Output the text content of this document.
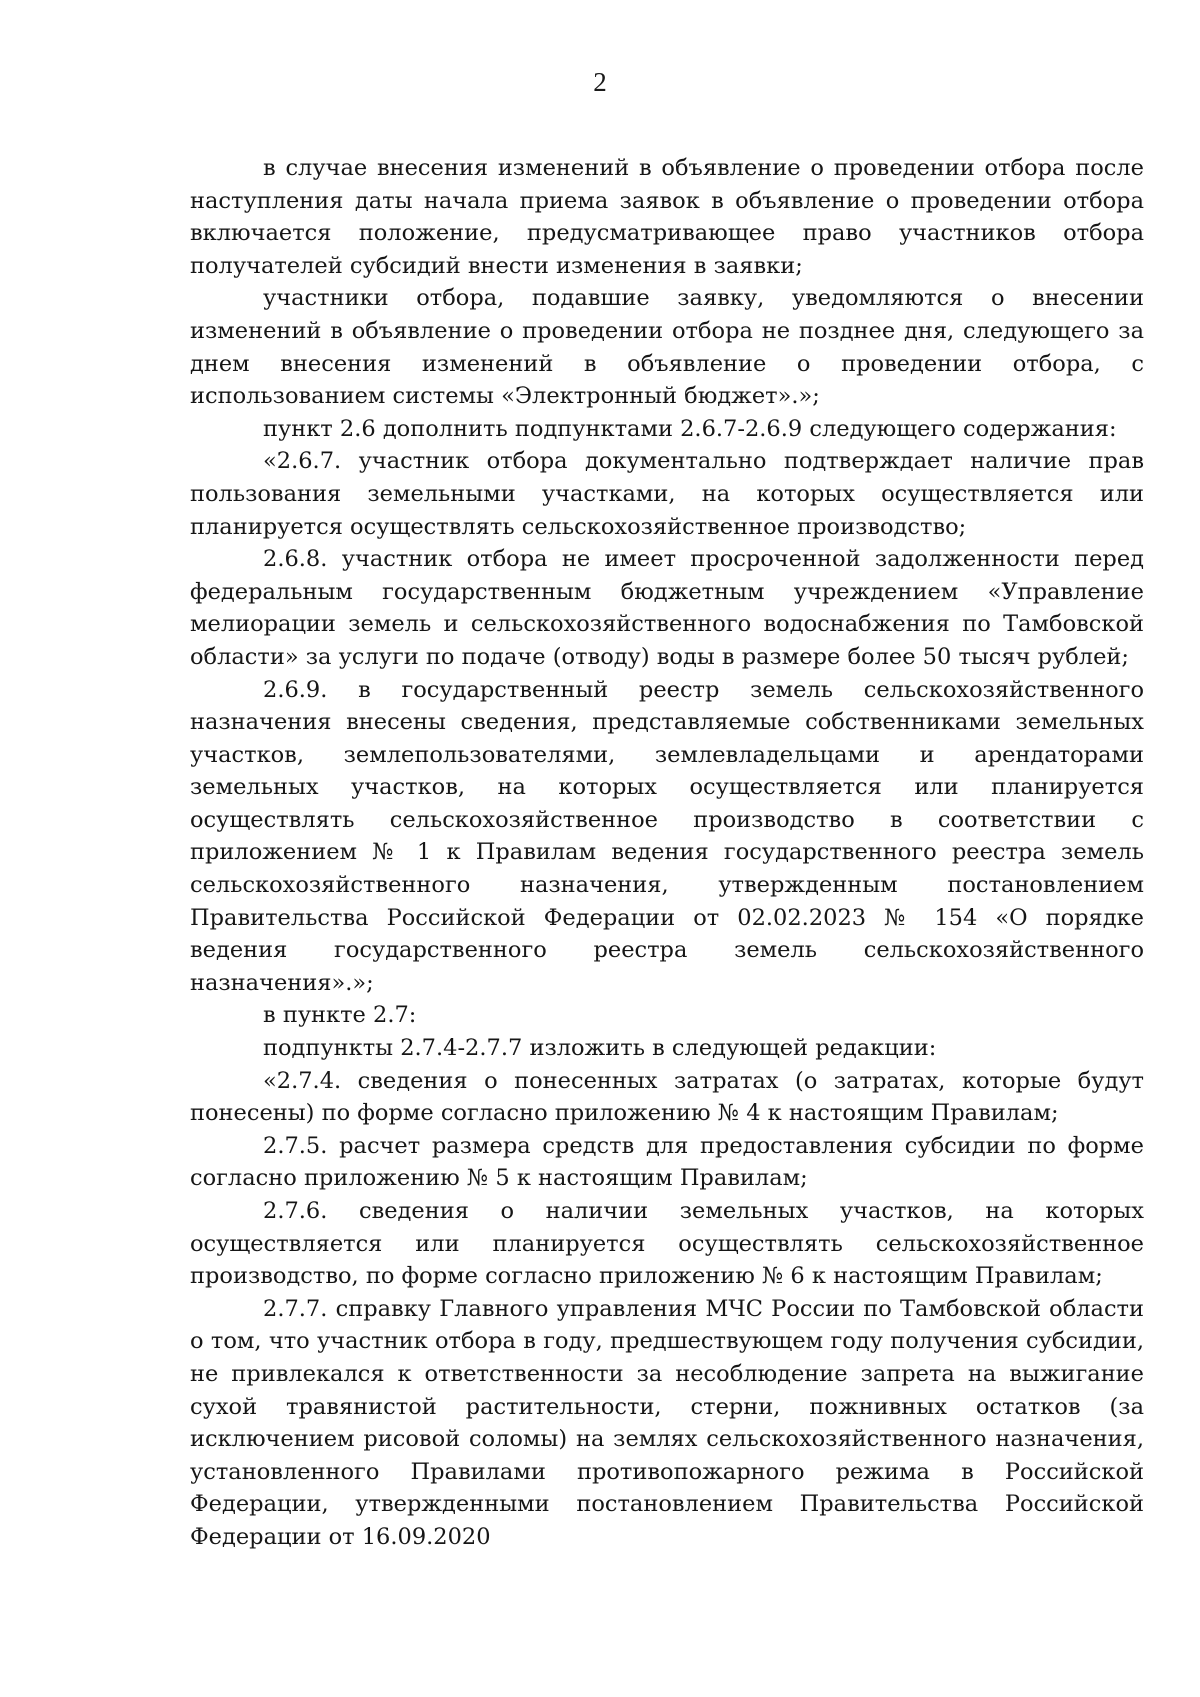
2

в случае внесения изменений в объявление о проведении отбора после наступления даты начала приема заявок в объявление о проведении отбора включается положение, предусматривающее право участников отбора получателей субсидий внести изменения в заявки;

участники отбора, подавшие заявку, уведомляются о внесении изменений в объявление о проведении отбора не позднее дня, следующего за днем внесения изменений в объявление о проведении отбора, с использованием системы «Электронный бюджет».»;

пункт 2.6 дополнить подпунктами 2.6.7-2.6.9 следующего содержания:

«2.6.7. участник отбора документально подтверждает наличие прав пользования земельными участками, на которых осуществляется или планируется осуществлять сельскохозяйственное производство;

2.6.8. участник отбора не имеет просроченной задолженности перед федеральным государственным бюджетным учреждением «Управление мелиорации земель и сельскохозяйственного водоснабжения по Тамбовской области» за услуги по подаче (отводу) воды в размере более 50 тысяч рублей;

2.6.9. в государственный реестр земель сельскохозяйственного назначения внесены сведения, представляемые собственниками земельных участков, землепользователями, землевладельцами и арендаторами земельных участков, на которых осуществляется или планируется осуществлять сельскохозяйственное производство в соответствии с приложением № 1 к Правилам ведения государственного реестра земель сельскохозяйственного назначения, утвержденным постановлением Правительства Российской Федерации от 02.02.2023 № 154 «О порядке ведения государственного реестра земель сельскохозяйственного назначения».»;

в пункте 2.7:

подпункты 2.7.4-2.7.7 изложить в следующей редакции:

«2.7.4. сведения о понесенных затратах (о затратах, которые будут понесены) по форме согласно приложению № 4 к настоящим Правилам;

2.7.5. расчет размера средств для предоставления субсидии по форме согласно приложению № 5 к настоящим Правилам;

2.7.6. сведения о наличии земельных участков, на которых осуществляется или планируется осуществлять сельскохозяйственное производство, по форме согласно приложению № 6 к настоящим Правилам;

2.7.7. справку Главного управления МЧС России по Тамбовской области о том, что участник отбора в году, предшествующем году получения субсидии, не привлекался к ответственности за несоблюдение запрета на выжигание сухой травянистой растительности, стерни, пожнивных остатков (за исключением рисовой соломы) на землях сельскохозяйственного назначения, установленного Правилами противопожарного режима в Российской Федерации, утвержденными постановлением Правительства Российской Федерации от 16.09.2020
